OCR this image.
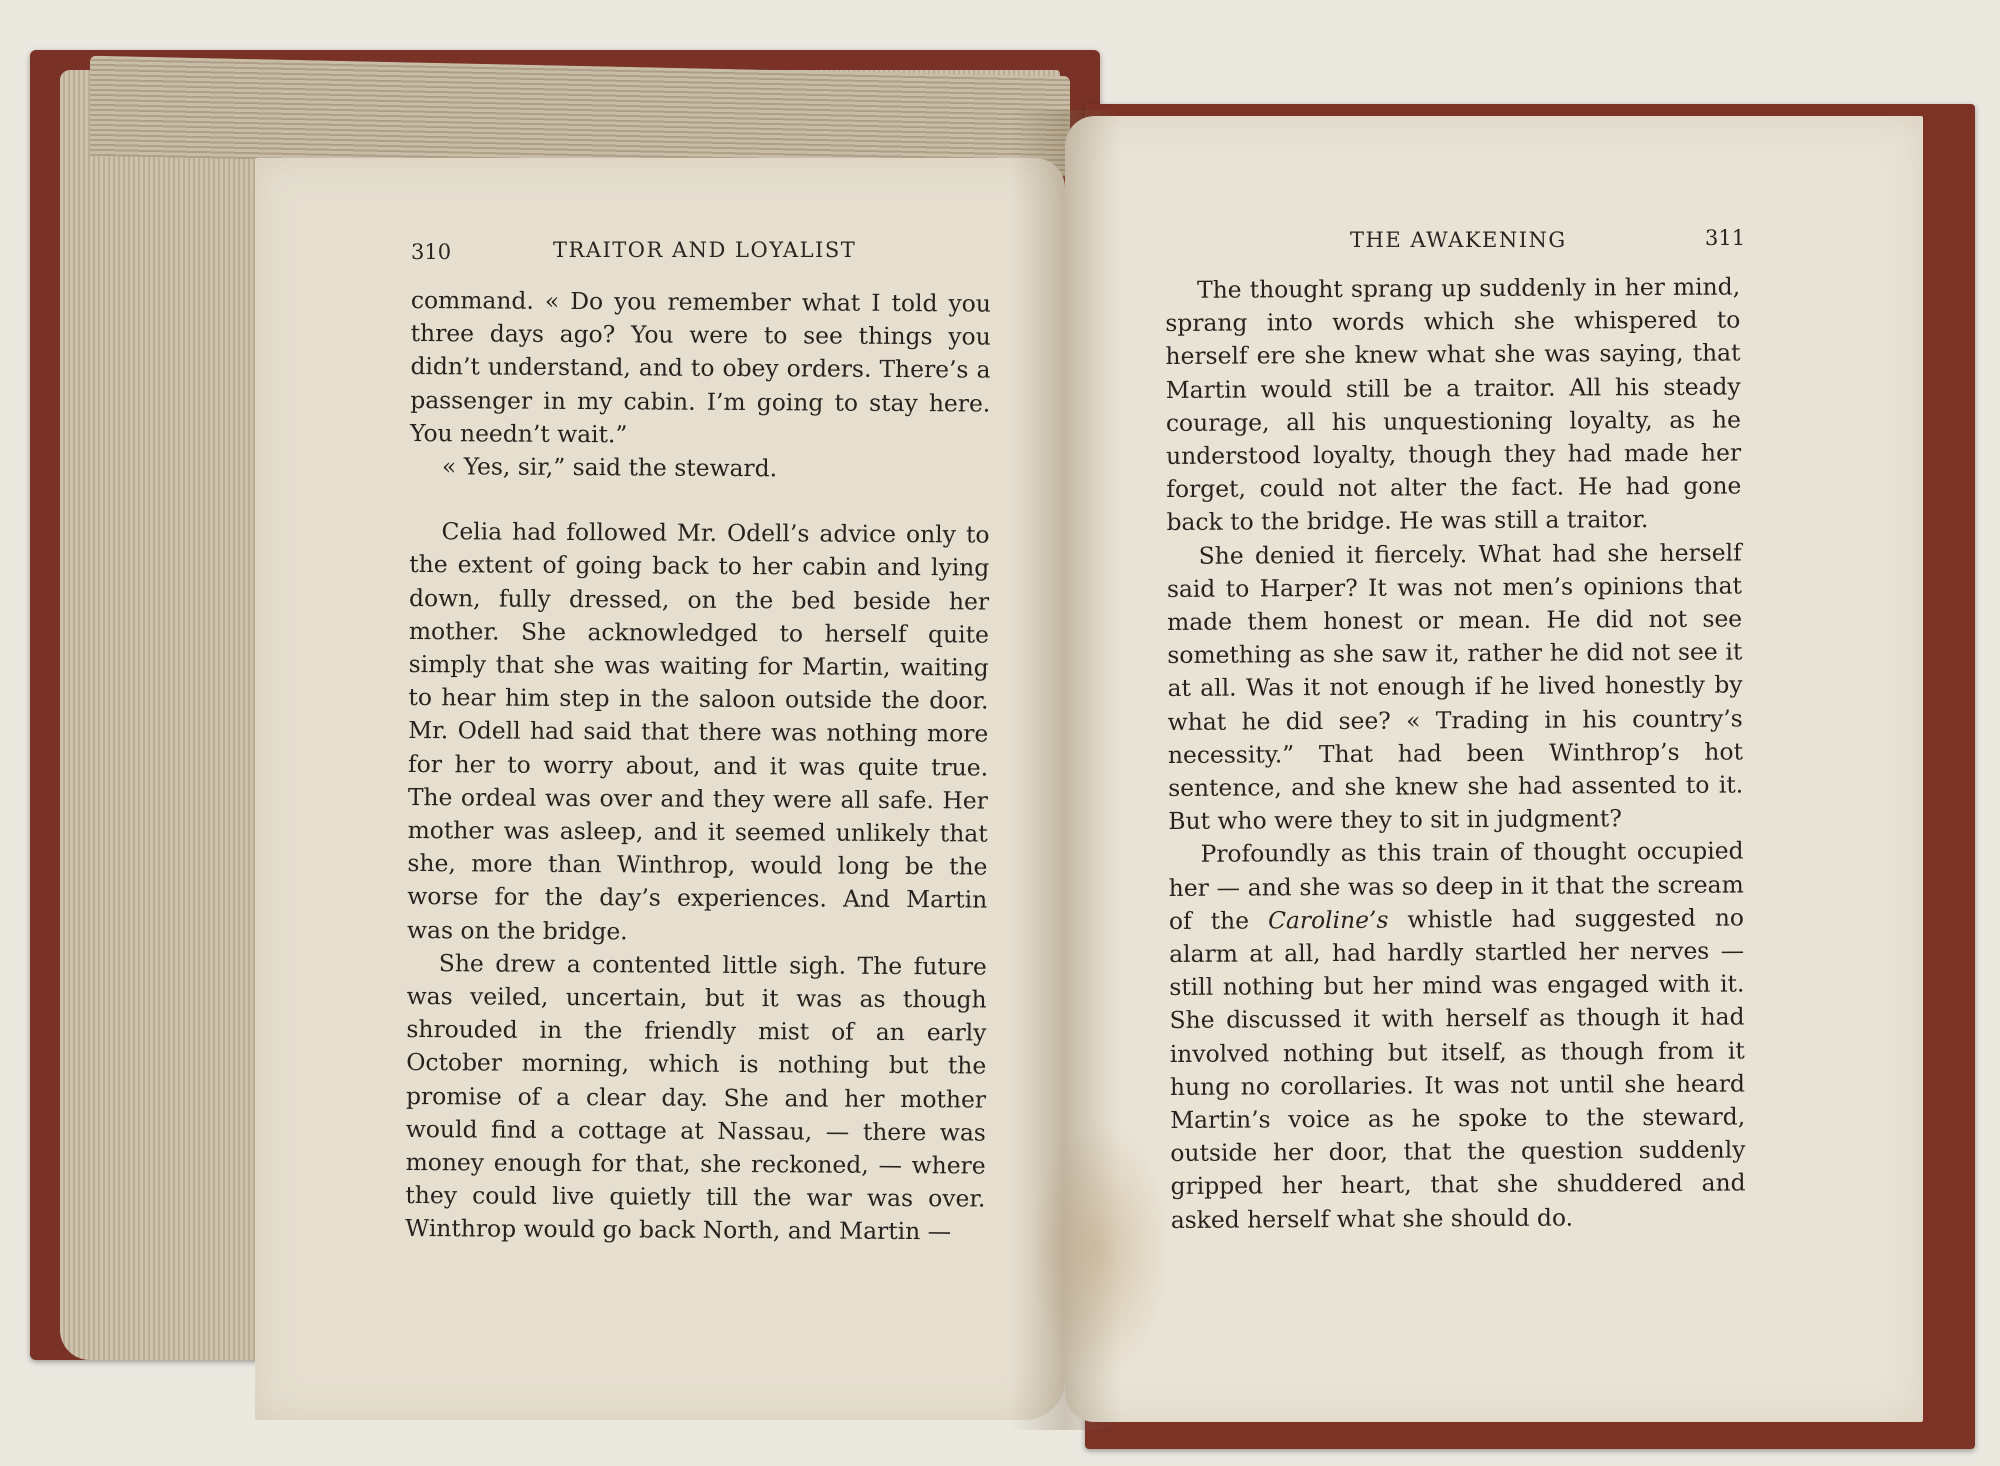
310	TRAITOR AND LOYALIST	THE AWAKENING	311

command. « Do you remember what I told you three days ago? You were to see things you didn’t understand, and to obey orders. There’s a passenger in my cabin. I’m going to stay here. You needn’t wait.”

« Yes, sir,” said the steward.

Celia had followed Mr. Odell’s advice only to the extent of going back to her cabin and lying down, fully dressed, on the bed beside her mother. She acknowledged to herself quite simply that she was waiting for Martin, waiting to hear him step in the saloon outside the door. Mr. Odell had said that there was nothing more for her to worry about, and it was quite true. The ordeal was over and they were all safe. Her mother was asleep, and it seemed unlikely that she, more than Winthrop, would long be the worse for the day’s experiences. And Martin was on the bridge.

She drew a contented little sigh. The future was veiled, uncertain, but it was as though shrouded in the friendly mist of an early October morning, which is nothing but the promise of a clear day. She and her mother would find a cottage at Nassau, — there was money enough for that, she reckoned, — where they could live quietly till the war was over. Winthrop would go back North, and Martin —

The thought sprang up suddenly in her mind, sprang into words which she whispered to herself ere she knew what she was saying, that Martin would still be a traitor. All his steady courage, all his unquestioning loyalty, as he understood loyalty, though they had made her forget, could not alter the fact. He had gone back to the bridge. He was still a traitor.

She denied it fiercely. What had she herself said to Harper? It was not men’s opinions that made them honest or mean. He did not see something as she saw it, rather he did not see it at all. Was it not enough if he lived honestly by what he did see? « Trading in his country’s necessity.” That had been Winthrop’s hot sentence, and she knew she had assented to it. But who were they to sit in judgment?

Profoundly as this train of thought occupied her — and she was so deep in it that the scream of the Caroline’s whistle had suggested no alarm at all, had hardly startled her nerves — still nothing but her mind was engaged with it. She discussed it with herself as though it had involved nothing but itself, as though from it hung no corollaries. It was not until she heard Martin’s voice as he spoke to the steward, outside her door, that the question suddenly gripped her heart, that she shuddered and asked herself what she should do.
